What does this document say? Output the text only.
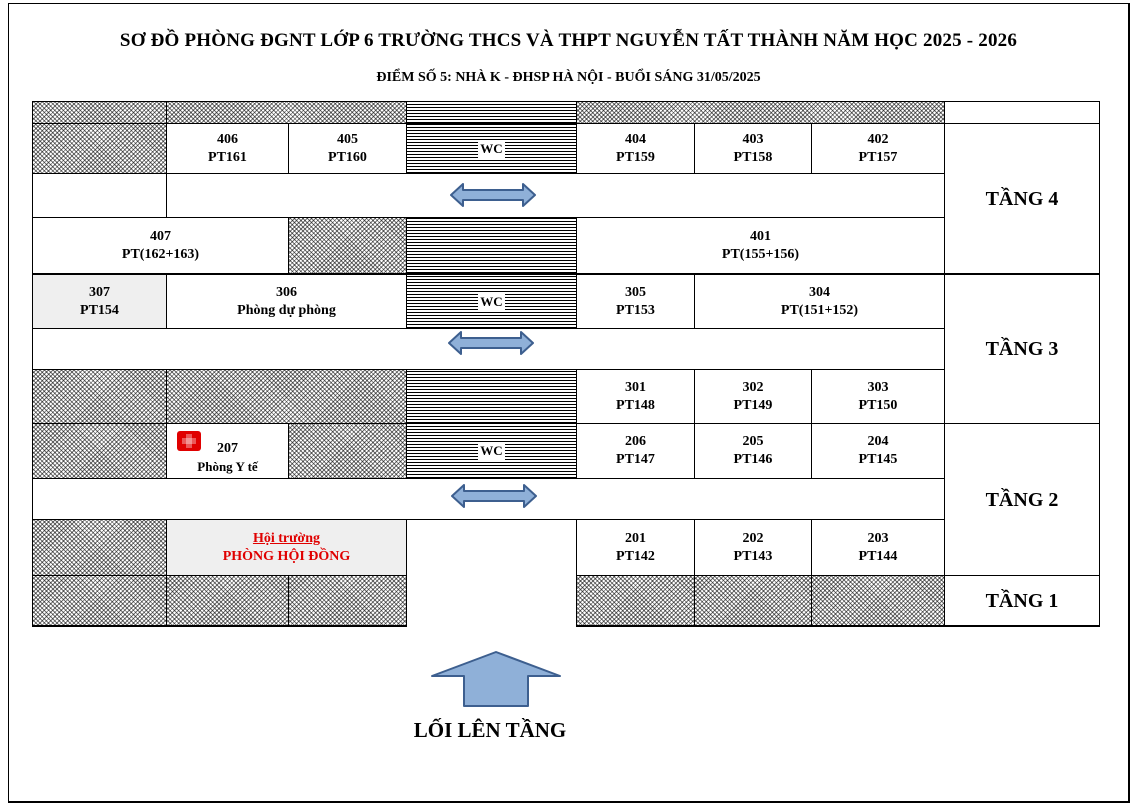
SƠ ĐỒ PHÒNG ĐGNT LỚP 6 TRƯỜNG THCS VÀ THPT NGUYỄN TẤT THÀNH NĂM HỌC 2025 - 2026
ĐIỂM SỐ 5: NHÀ K - ĐHSP HÀ NỘI - BUỔI SÁNG 31/05/2025
406
PT161
405
PT160
WC
404
PT159
403
PT158
402
PT157
407
PT(162+163)
401
PT(155+156)
TẦNG 4
307
PT154
306
Phòng dự phòng
WC
305
PT153
304
PT(151+152)
301
PT148
302
PT149
303
PT150
TẦNG 3
207
Phòng Y tế
WC
206
PT147
205
PT146
204
PT145
Hội trường
PHÒNG HỘI ĐỒNG
201
PT142
202
PT143
203
PT144
TẦNG 2
TẦNG 1
LỐI LÊN TẦNG
